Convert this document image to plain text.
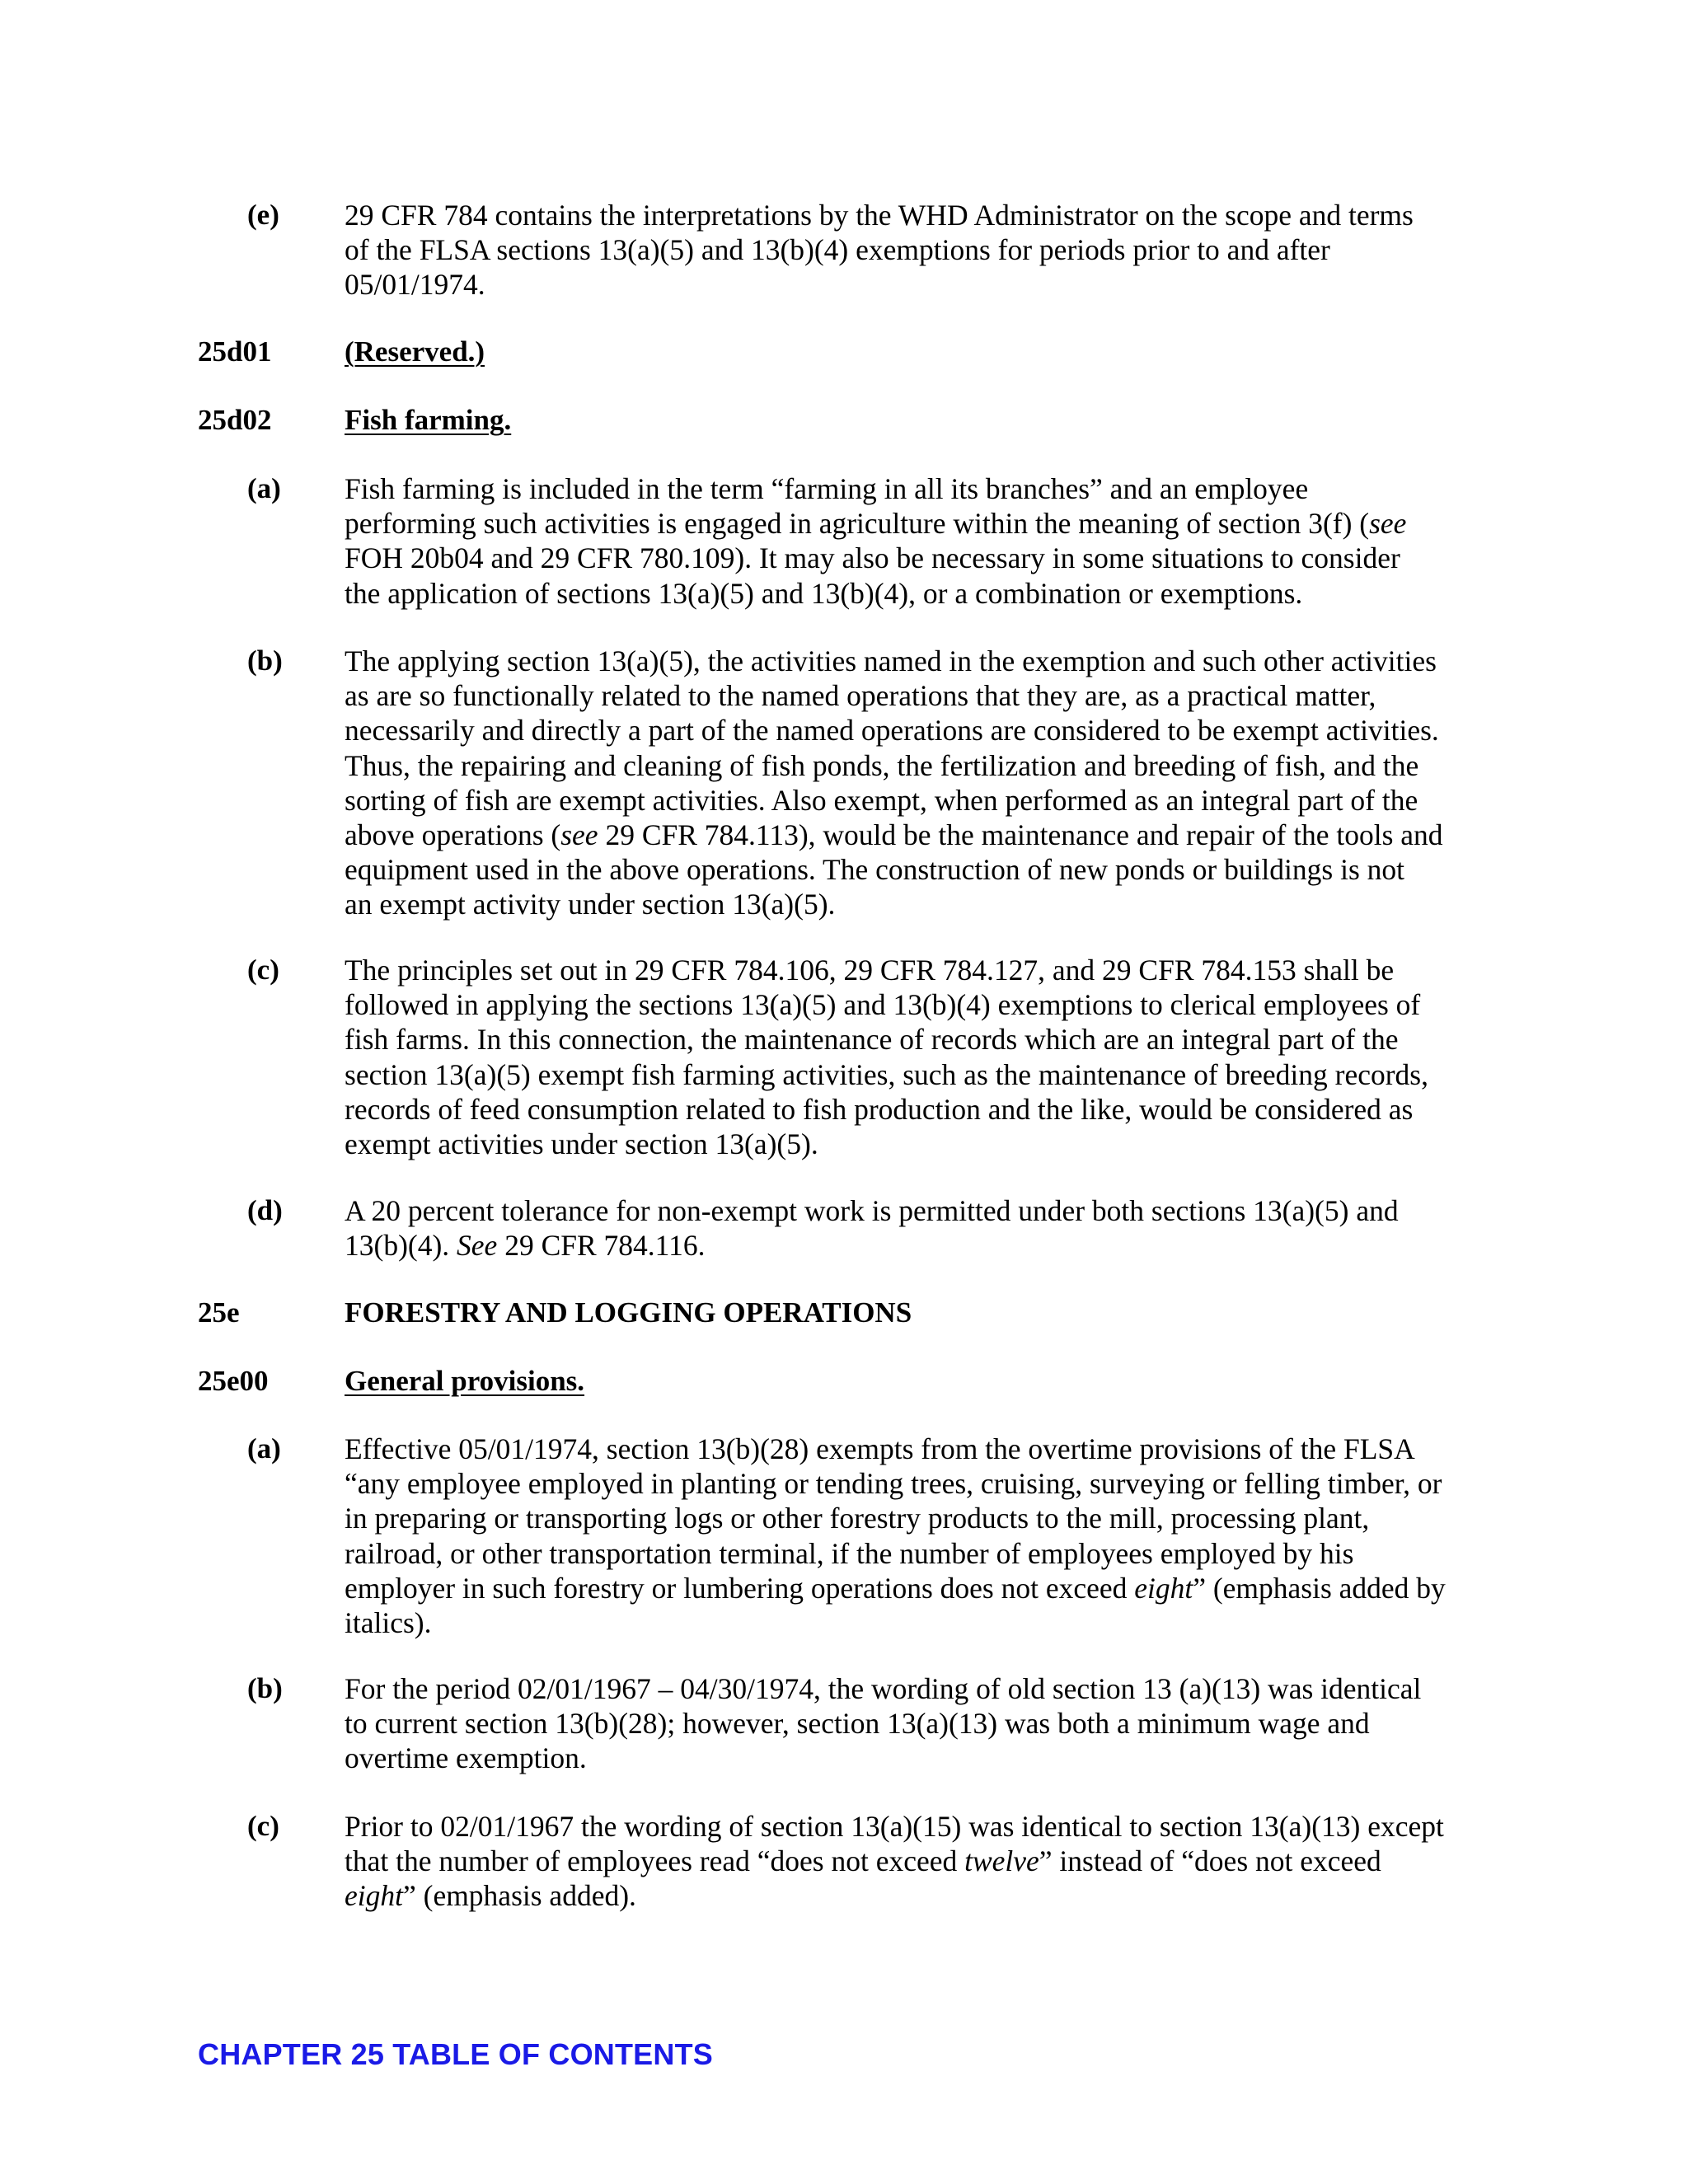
(e) 29 CFR 784 contains the interpretations by the WHD Administrator on the scope and terms
of the FLSA sections 13(a)(5) and 13(b)(4) exemptions for periods prior to and after
05/01/1974.
25d01	(Reserved.)
25d02	Fish farming.
(a) Fish farming is included in the term “farming in all its branches” and an employee
performing such activities is engaged in agriculture within the meaning of section 3(f) (see
FOH 20b04 and 29 CFR 780.109). It may also be necessary in some situations to consider
the application of sections 13(a)(5) and 13(b)(4), or a combination or exemptions.
(b) The applying section 13(a)(5), the activities named in the exemption and such other activities
as are so functionally related to the named operations that they are, as a practical matter,
necessarily and directly a part of the named operations are considered to be exempt activities.
Thus, the repairing and cleaning of fish ponds, the fertilization and breeding of fish, and the
sorting of fish are exempt activities. Also exempt, when performed as an integral part of the
above operations (see 29 CFR 784.113), would be the maintenance and repair of the tools and
equipment used in the above operations. The construction of new ponds or buildings is not
an exempt activity under section 13(a)(5).
(c) The principles set out in 29 CFR 784.106, 29 CFR 784.127, and 29 CFR 784.153 shall be
followed in applying the sections 13(a)(5) and 13(b)(4) exemptions to clerical employees of
fish farms. In this connection, the maintenance of records which are an integral part of the
section 13(a)(5) exempt fish farming activities, such as the maintenance of breeding records,
records of feed consumption related to fish production and the like, would be considered as
exempt activities under section 13(a)(5).
(d) A 20 percent tolerance for non-exempt work is permitted under both sections 13(a)(5) and
13(b)(4). See 29 CFR 784.116.
25e	FORESTRY AND LOGGING OPERATIONS
25e00	General provisions.
(a) Effective 05/01/1974, section 13(b)(28) exempts from the overtime provisions of the FLSA
“any employee employed in planting or tending trees, cruising, surveying or felling timber, or
in preparing or transporting logs or other forestry products to the mill, processing plant,
railroad, or other transportation terminal, if the number of employees employed by his
employer in such forestry or lumbering operations does not exceed eight” (emphasis added by
italics).
(b) For the period 02/01/1967 – 04/30/1974, the wording of old section 13 (a)(13) was identical
to current section 13(b)(28); however, section 13(a)(13) was both a minimum wage and
overtime exemption.
(c) Prior to 02/01/1967 the wording of section 13(a)(15) was identical to section 13(a)(13) except
that the number of employees read “does not exceed twelve” instead of “does not exceed
eight” (emphasis added).
CHAPTER 25 TABLE OF CONTENTS
